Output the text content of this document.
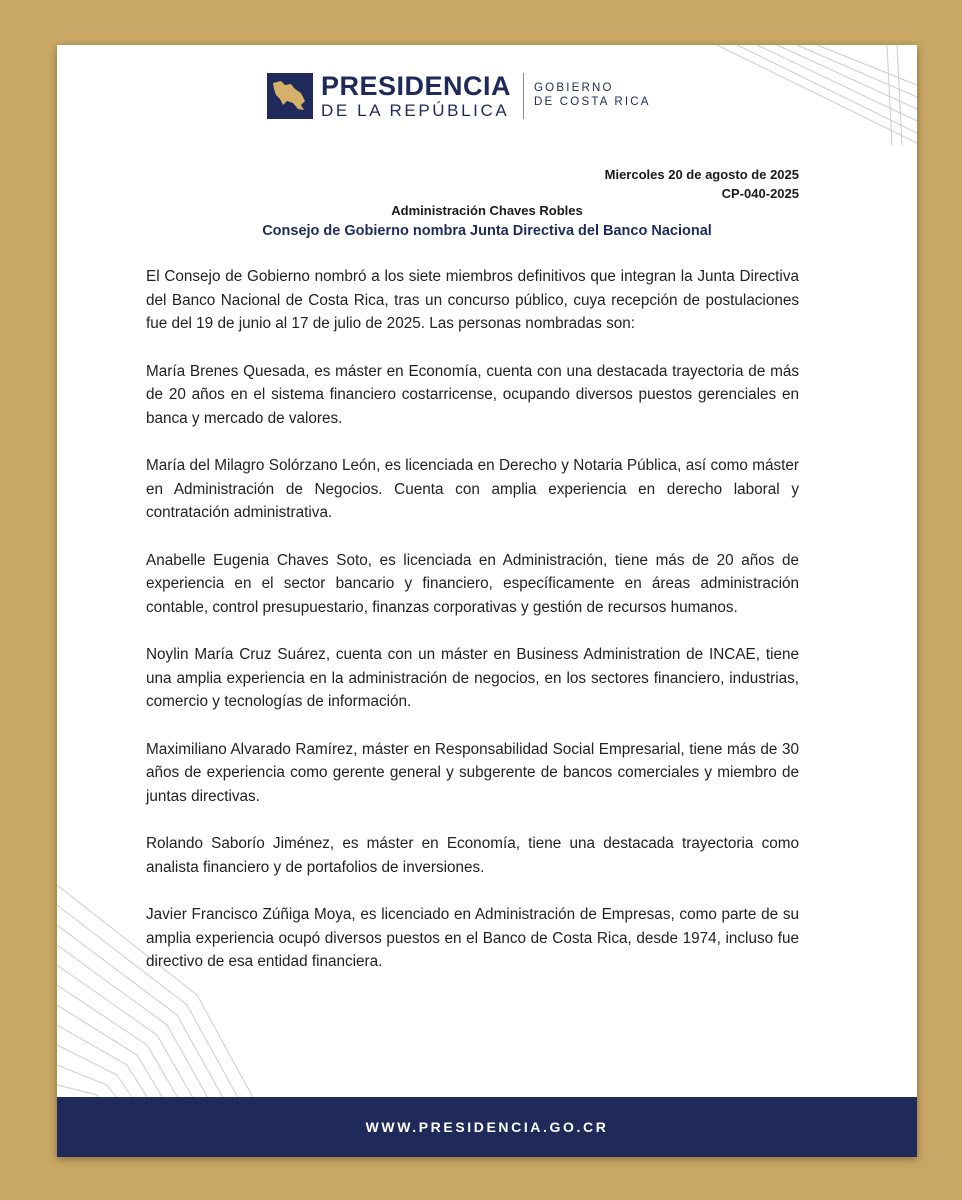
PRESIDENCIA
DE LA REPÚBLICA
GOBIERNO
DE COSTA RICA
Miercoles 20 de agosto de 2025
CP-040-2025
Administración Chaves Robles
Consejo de Gobierno nombra Junta Directiva del Banco Nacional

El Consejo de Gobierno nombró a los siete miembros definitivos que integran la Junta Directiva del Banco Nacional de Costa Rica, tras un concurso público, cuya recepción de postulaciones fue del 19 de junio al 17 de julio de 2025. Las personas nombradas son:

María Brenes Quesada, es máster en Economía, cuenta con una destacada trayectoria de más de 20 años en el sistema financiero costarricense, ocupando diversos puestos gerenciales en banca y mercado de valores.

María del Milagro Solórzano León, es licenciada en Derecho y Notaria Pública, así como máster en Administración de Negocios. Cuenta con amplia experiencia en derecho laboral y contratación administrativa.

Anabelle Eugenia Chaves Soto, es licenciada en Administración, tiene más de 20 años de experiencia en el sector bancario y financiero, específicamente en áreas administración contable, control presupuestario, finanzas corporativas y gestión de recursos humanos.

Noylin María Cruz Suárez, cuenta con un máster en Business Administration de INCAE, tiene una amplia experiencia en la administración de negocios, en los sectores financiero, industrias, comercio y tecnologías de información.

Maximiliano Alvarado Ramírez, máster en Responsabilidad Social Empresarial, tiene más de 30 años de experiencia como gerente general y subgerente de bancos comerciales y miembro de juntas directivas.

Rolando Saborío Jiménez, es máster en Economía, tiene una destacada trayectoria como analista financiero y de portafolios de inversiones.

Javier Francisco Zúñiga Moya, es licenciado en Administración de Empresas, como parte de su amplia experiencia ocupó diversos puestos en el Banco de Costa Rica, desde 1974, incluso fue directivo de esa entidad financiera.

WWW.PRESIDENCIA.GO.CR
